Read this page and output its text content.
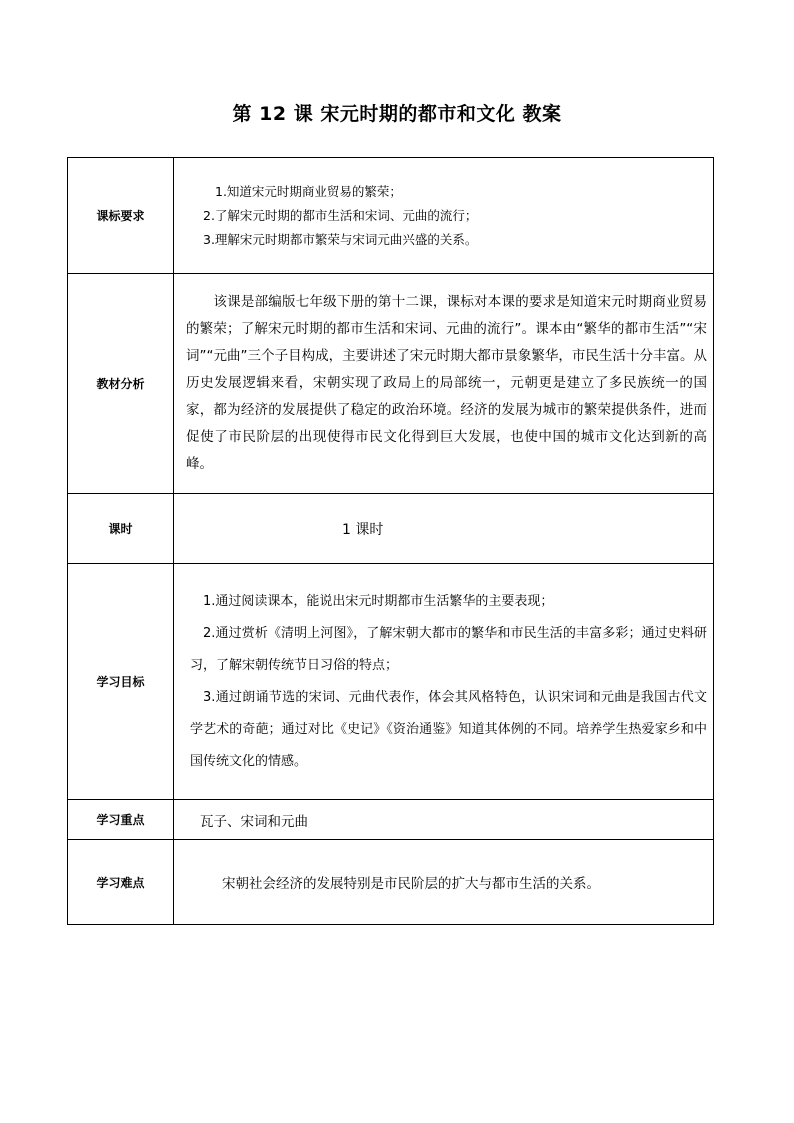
第 12 课 宋元时期的都市和文化 教案
课标要求	1.知道宋元时期商业贸易的繁荣；
2.了解宋元时期的都市生活和宋词、元曲的流行；
3.理解宋元时期都市繁荣与宋词元曲兴盛的关系。

教材分析	　　该课是部编版七年级下册的第十二课，课标对本课的要求是知道宋元时期商业贸易的繁荣；了解宋元时期的都市生活和宋词、元曲的流行”。课本由“繁华的都市生活”“宋词”“元曲”三个子目构成，主要讲述了宋元时期大都市景象繁华，市民生活十分丰富。从历史发展逻辑来看，宋朝实现了政局上的局部统一，元朝更是建立了多民族统一的国家，都为经济的发展提供了稳定的政治环境。经济的发展为城市的繁荣提供条件，进而促使了市民阶层的出现使得市民文化得到巨大发展，也使中国的城市文化达到新的高峰。

课时	1 课时

学习目标	1.通过阅读课本，能说出宋元时期都市生活繁华的主要表现；
2.通过赏析《清明上河图》，了解宋朝大都市的繁华和市民生活的丰富多彩；通过史料研习，了解宋朝传统节日习俗的特点；
3.通过朗诵节选的宋词、元曲代表作，体会其风格特色，认识宋词和元曲是我国古代文学艺术的奇葩；通过对比《史记》《资治通鉴》知道其体例的不同。培养学生热爱家乡和中国传统文化的情感。

学习重点	瓦子、宋词和元曲

学习难点	宋朝社会经济的发展特别是市民阶层的扩大与都市生活的关系。
